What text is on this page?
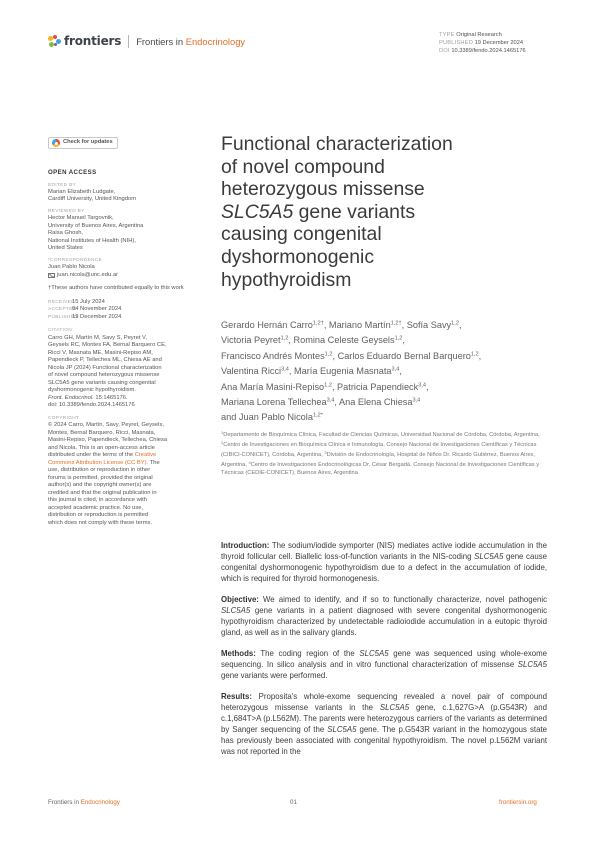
frontiers Frontiers in Endocrinology
TYPE Original Research
PUBLISHED 19 December 2024
DOI 10.3389/fendo.2024.1465176
Check for updates
OPEN ACCESS
EDITED BY
Marian Elizabeth Ludgate,
Cardiff University, United Kingdom
REVIEWED BY
Hector Manuel Targovnik,
University of Buenos Aires, Argentina
Raisa Ghosh,
National Institutes of Health (NIH),
United States
*CORRESPONDENCE
Juan Pablo Nicola
juan.nicola@unc.edu.ar
†These authors have contributed equally to this work
RECEIVED
15 July 2024
ACCEPTED
04 November 2024
PUBLISHED
19 December 2024
CITATION
Carro GH, Martín M, Savy S, Peyret V,
Geysels RC, Montes FA, Bernal Barquero CE,
Ricci V, Masnata ME, Masini-Repiso AM,
Papendieck P, Tellechea ML, Chiesa AE and
Nicola JP (2024) Functional characterization
of novel compound heterozygous missense
SLC5A5 gene variants causing congenital
dyshormonogenic hypothyroidism.
Front. Endocrinol. 15:1465176.
doi: 10.3389/fendo.2024.1465176
COPYRIGHT
© 2024 Carro, Martín, Savy, Peyret, Geysels,
Montes, Bernal Barquero, Ricci, Masnata,
Masini-Repiso, Papendieck, Tellechea, Chiesa
and Nicola. This is an open-access article
distributed under the terms of the Creative
Commons Attribution License (CC BY). The
use, distribution or reproduction in other
forums is permitted, provided the original
author(s) and the copyright owner(s) are
credited and that the original publication in
this journal is cited, in accordance with
accepted academic practice. No use,
distribution or reproduction is permitted
which does not comply with these terms.
Functional characterization
of novel compound
heterozygous missense
SLC5A5 gene variants
causing congenital
dyshormonogenic
hypothyroidism
Gerardo Hernán Carro$^{1,2\dagger}$, Mariano Martín$^{1,2\dagger}$, Sofía Savy$^{1,2}$,
Victoria Peyret$^{1,2}$, Romina Celeste Geysels$^{1,2}$,
Francisco Andrés Montes$^{1,2}$, Carlos Eduardo Bernal Barquero$^{1,2}$,
Valentina Ricci$^{3,4}$, María Eugenia Masnata$^{3,4}$,
Ana María Masini-Repiso$^{1,2}$, Patricia Papendieck$^{3,4}$,
Mariana Lorena Tellechea$^{3,4}$, Ana Elena Chiesa$^{3,4}$
and Juan Pablo Nicola$^{1,2*}$
$^1$Departamento de Bioquímica Clínica, Facultad de Ciencias Químicas, Universidad Nacional de Córdoba, Córdoba, Argentina, $^2$Centro de Investigaciones en Bioquímica Clínica e Inmunología, Consejo Nacional de Investigaciones Científicas y Técnicas (CIBICI-CONICET), Córdoba, Argentina, $^3$División de Endocrinología, Hospital de Niños Dr. Ricardo Gutiérrez, Buenos Aires, Argentina, $^4$Centro de Investigaciones Endocrinológicas Dr. César Bergadá, Consejo Nacional de Investigaciones Científicas y Técnicas (CEDIE-CONICET), Buenos Aires, Argentina

Introduction: The sodium/iodide symporter (NIS) mediates active iodide accumulation in the thyroid follicular cell. Biallelic loss-of-function variants in the NIS-coding SLC5A5 gene cause congenital dyshormonogenic hypothyroidism due to a defect in the accumulation of iodide, which is required for thyroid hormonogenesis.

Objective: We aimed to identify, and if so to functionally characterize, novel pathogenic SLC5A5 gene variants in a patient diagnosed with severe congenital dyshormonogenic hypothyroidism characterized by undetectable radioiodide accumulation in a eutopic thyroid gland, as well as in the salivary glands.

Methods: The coding region of the SLC5A5 gene was sequenced using whole-exome sequencing. In silico analysis and in vitro functional characterization of missense SLC5A5 gene variants were performed.

Results: Proposita's whole-exome sequencing revealed a novel pair of compound heterozygous missense variants in the SLC5A5 gene, c.1,627G>A (p.G543R) and c.1,684T>A (p.L562M). The parents were heterozygous carriers of the variants as determined by Sanger sequencing of the SLC5A5 gene. The p.G543R variant in the homozygous state has previously been associated with congenital hypothyroidism. The novel p.L562M variant was not reported in the

Frontiers in Endocrinology	01	frontiersin.org
